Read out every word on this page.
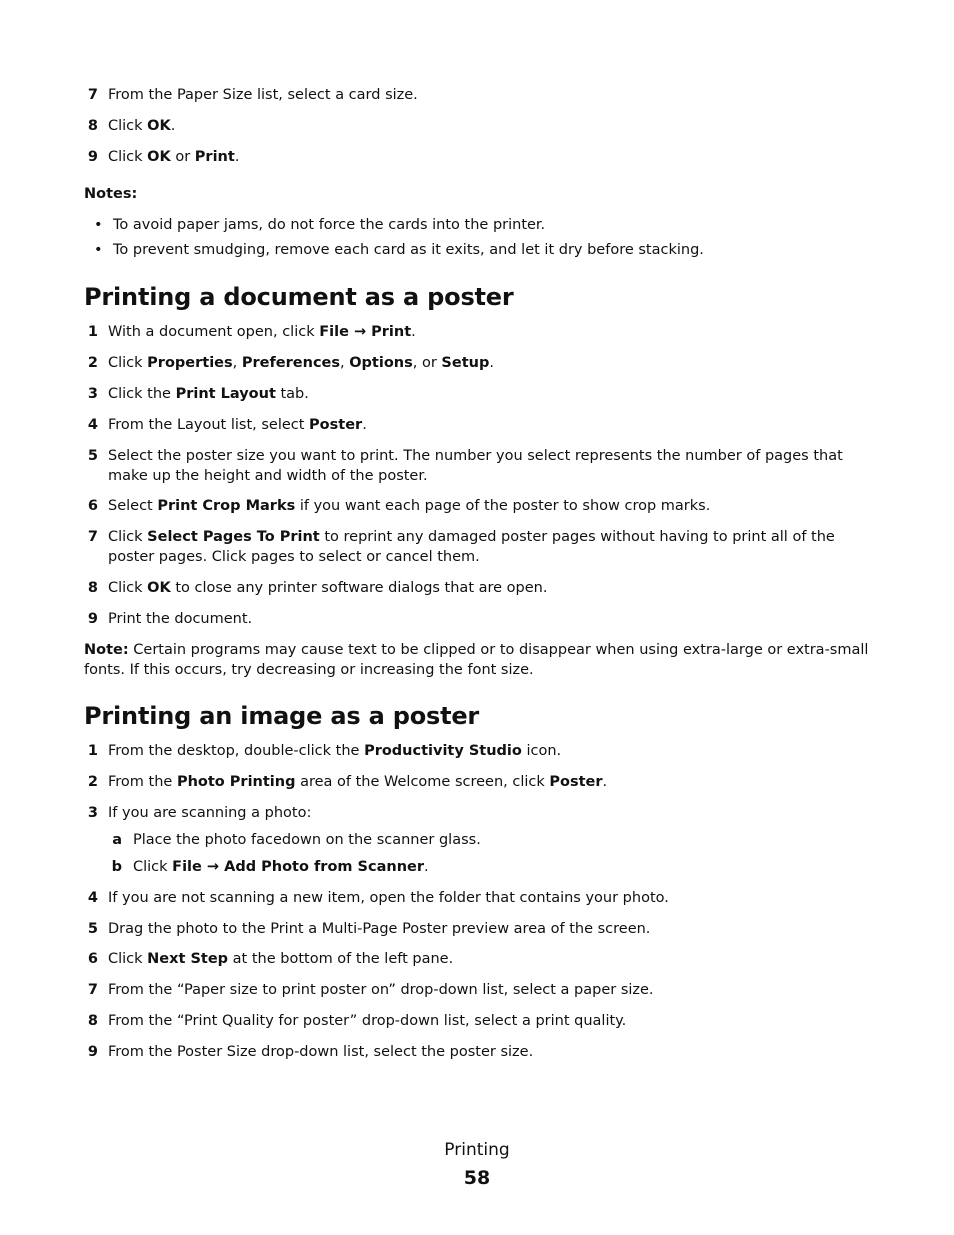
7 From the Paper Size list, select a card size.
8 Click OK.
9 Click OK or Print.
Notes:
• To avoid paper jams, do not force the cards into the printer.
• To prevent smudging, remove each card as it exits, and let it dry before stacking.
Printing a document as a poster
1 With a document open, click File → Print.
2 Click Properties, Preferences, Options, or Setup.
3 Click the Print Layout tab.
4 From the Layout list, select Poster.
5 Select the poster size you want to print. The number you select represents the number of pages that make up the height and width of the poster.
6 Select Print Crop Marks if you want each page of the poster to show crop marks.
7 Click Select Pages To Print to reprint any damaged poster pages without having to print all of the poster pages. Click pages to select or cancel them.
8 Click OK to close any printer software dialogs that are open.
9 Print the document.
Note: Certain programs may cause text to be clipped or to disappear when using extra-large or extra-small fonts. If this occurs, try decreasing or increasing the font size.
Printing an image as a poster
1 From the desktop, double-click the Productivity Studio icon.
2 From the Photo Printing area of the Welcome screen, click Poster.
3 If you are scanning a photo:
a Place the photo facedown on the scanner glass.
b Click File → Add Photo from Scanner.
4 If you are not scanning a new item, open the folder that contains your photo.
5 Drag the photo to the Print a Multi-Page Poster preview area of the screen.
6 Click Next Step at the bottom of the left pane.
7 From the “Paper size to print poster on” drop-down list, select a paper size.
8 From the “Print Quality for poster” drop-down list, select a print quality.
9 From the Poster Size drop-down list, select the poster size.
Printing
58
